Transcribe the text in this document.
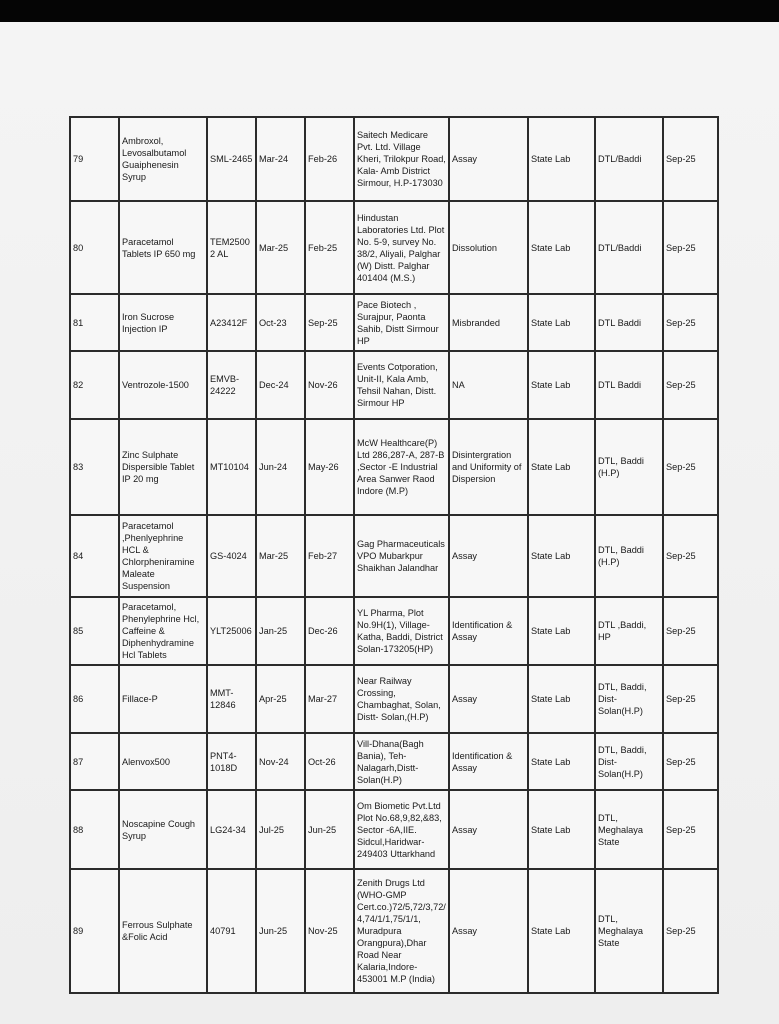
79	Ambroxol, Levosalbutamol Guaiphenesin Syrup	SML-2465	Mar-24	Feb-26	Saitech Medicare Pvt. Ltd. Village Kheri, Trilokpur Road, Kala- Amb District Sirmour, H.P-173030	Assay	State Lab	DTL/Baddi	Sep-25
80	Paracetamol Tablets IP 650 mg	TEM25002 AL	Mar-25	Feb-25	Hindustan Laboratories Ltd. Plot No. 5-9, survey No. 38/2, Aliyali, Palghar (W) Distt. Palghar 401404 (M.S.)	Dissolution	State Lab	DTL/Baddi	Sep-25
81	Iron Sucrose Injection IP	A23412F	Oct-23	Sep-25	Pace Biotech , Surajpur, Paonta Sahib, Distt Sirmour HP	Misbranded	State Lab	DTL Baddi	Sep-25
82	Ventrozole-1500	EMVB-24222	Dec-24	Nov-26	Events Cotporation, Unit-II, Kala Amb, Tehsil Nahan, Distt. Sirmour HP	NA	State Lab	DTL Baddi	Sep-25
83	Zinc Sulphate Dispersible Tablet IP 20 mg	MT10104	Jun-24	May-26	McW Healthcare(P) Ltd 286,287-A, 287-B ,Sector -E Industrial Area Sanwer Raod Indore (M.P)	Disintergration and Uniformity of Dispersion	State Lab	DTL, Baddi (H.P)	Sep-25
84	Paracetamol ,Phenlyephrine HCL & Chlorpheniramine Maleate Suspension	GS-4024	Mar-25	Feb-27	Gag Pharmaceuticals VPO Mubarkpur Shaikhan Jalandhar	Assay	State Lab	DTL, Baddi (H.P)	Sep-25
85	Paracetamol, Phenylephrine Hcl, Caffeine & Diphenhydramine Hcl Tablets	YLT25006	Jan-25	Dec-26	YL Pharma, Plot No.9H(1), Village-Katha, Baddi, District Solan-173205(HP)	Identification & Assay	State Lab	DTL ,Baddi, HP	Sep-25
86	Fillace-P	MMT-12846	Apr-25	Mar-27	Near Railway Crossing, Chambaghat, Solan, Distt- Solan,(H.P)	Assay	State Lab	DTL, Baddi, Dist-Solan(H.P)	Sep-25
87	Alenvox500	PNT4-1018D	Nov-24	Oct-26	Vill-Dhana(Bagh Bania), Teh-Nalagarh,Distt-Solan(H.P)	Identification & Assay	State Lab	DTL, Baddi, Dist-Solan(H.P)	Sep-25
88	Noscapine Cough Syrup	LG24-34	Jul-25	Jun-25	Om Biometic Pvt.Ltd Plot No.68,9,82,&83, Sector -6A,IIE. Sidcul,Haridwar-249403 Uttarkhand	Assay	State Lab	DTL, Meghalaya State	Sep-25
89	Ferrous Sulphate &Folic Acid	40791	Jun-25	Nov-25	Zenith Drugs Ltd (WHO-GMP Cert.co.)72/5,72/3,72/4,74/1/1,75/1/1, Muradpura Orangpura),Dhar Road Near Kalaria,Indore-453001 M.P (India)	Assay	State Lab	DTL, Meghalaya State	Sep-25
